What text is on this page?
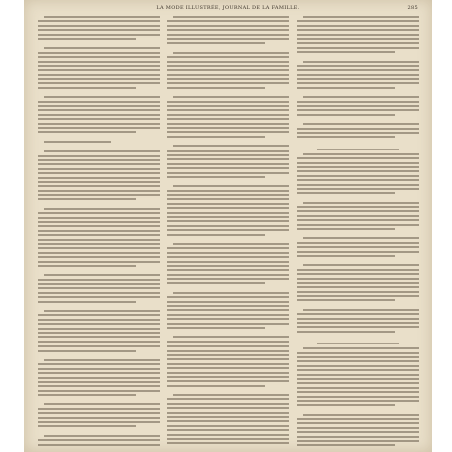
LA MODE ILLUSTRÉE, JOURNAL DE LA FAMILLE.	285
